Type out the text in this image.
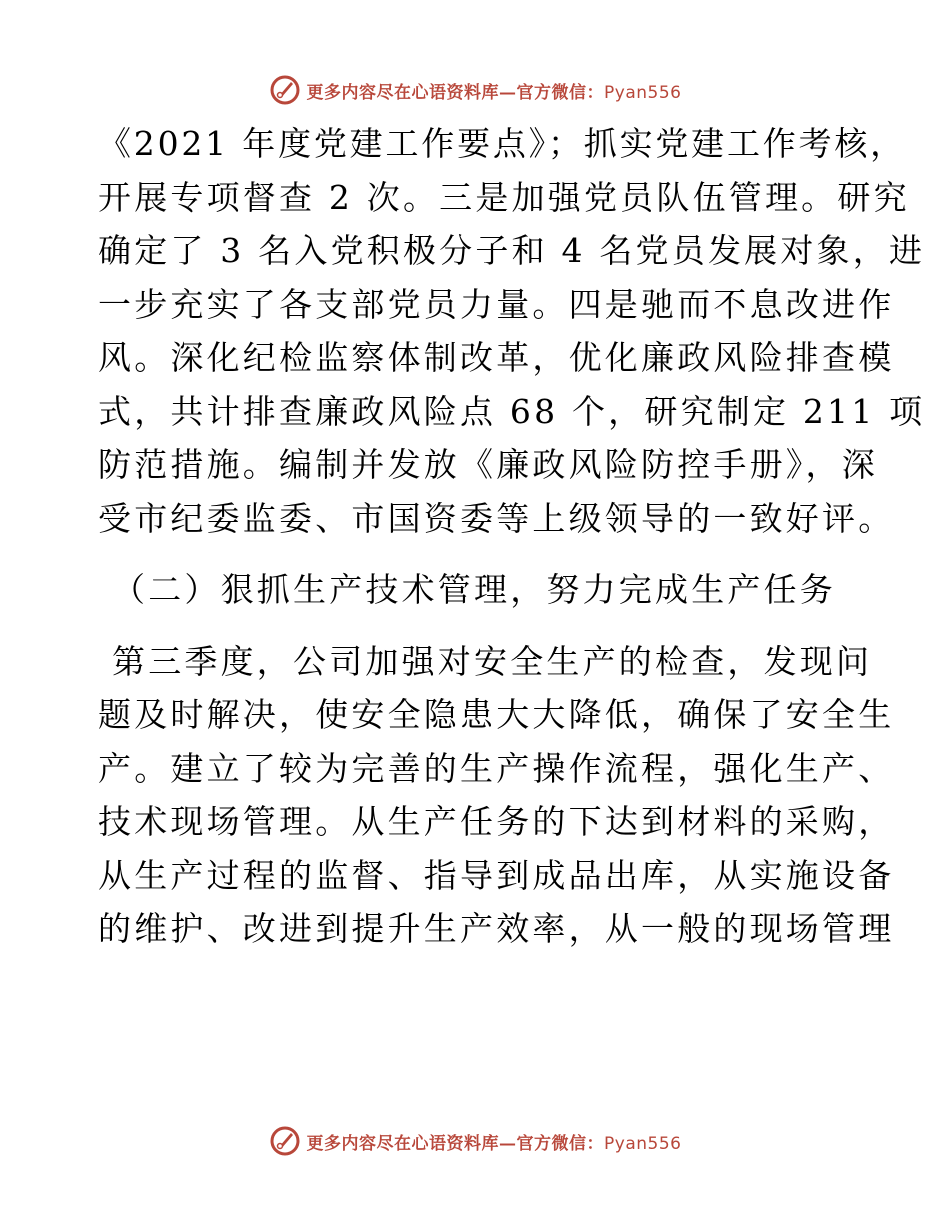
更多内容尽在心语资料库—官方微信：Pyan556
《2021 年度党建工作要点》；抓实党建工作考核，
开展专项督查 2 次。三是加强党员队伍管理。研究
确定了 3 名入党积极分子和 4 名党员发展对象，进
一步充实了各支部党员力量。四是驰而不息改进作
风。深化纪检监察体制改革，优化廉政风险排查模
式，共计排查廉政风险点 68 个，研究制定 211 项
防范措施。编制并发放《廉政风险防控手册》，深
受市纪委监委、市国资委等上级领导的一致好评。
（二）狠抓生产技术管理，努力完成生产任务
第三季度，公司加强对安全生产的检查，发现问
题及时解决，使安全隐患大大降低，确保了安全生
产。建立了较为完善的生产操作流程，强化生产、
技术现场管理。从生产任务的下达到材料的采购，
从生产过程的监督、指导到成品出库，从实施设备
的维护、改进到提升生产效率，从一般的现场管理
更多内容尽在心语资料库—官方微信：Pyan556
